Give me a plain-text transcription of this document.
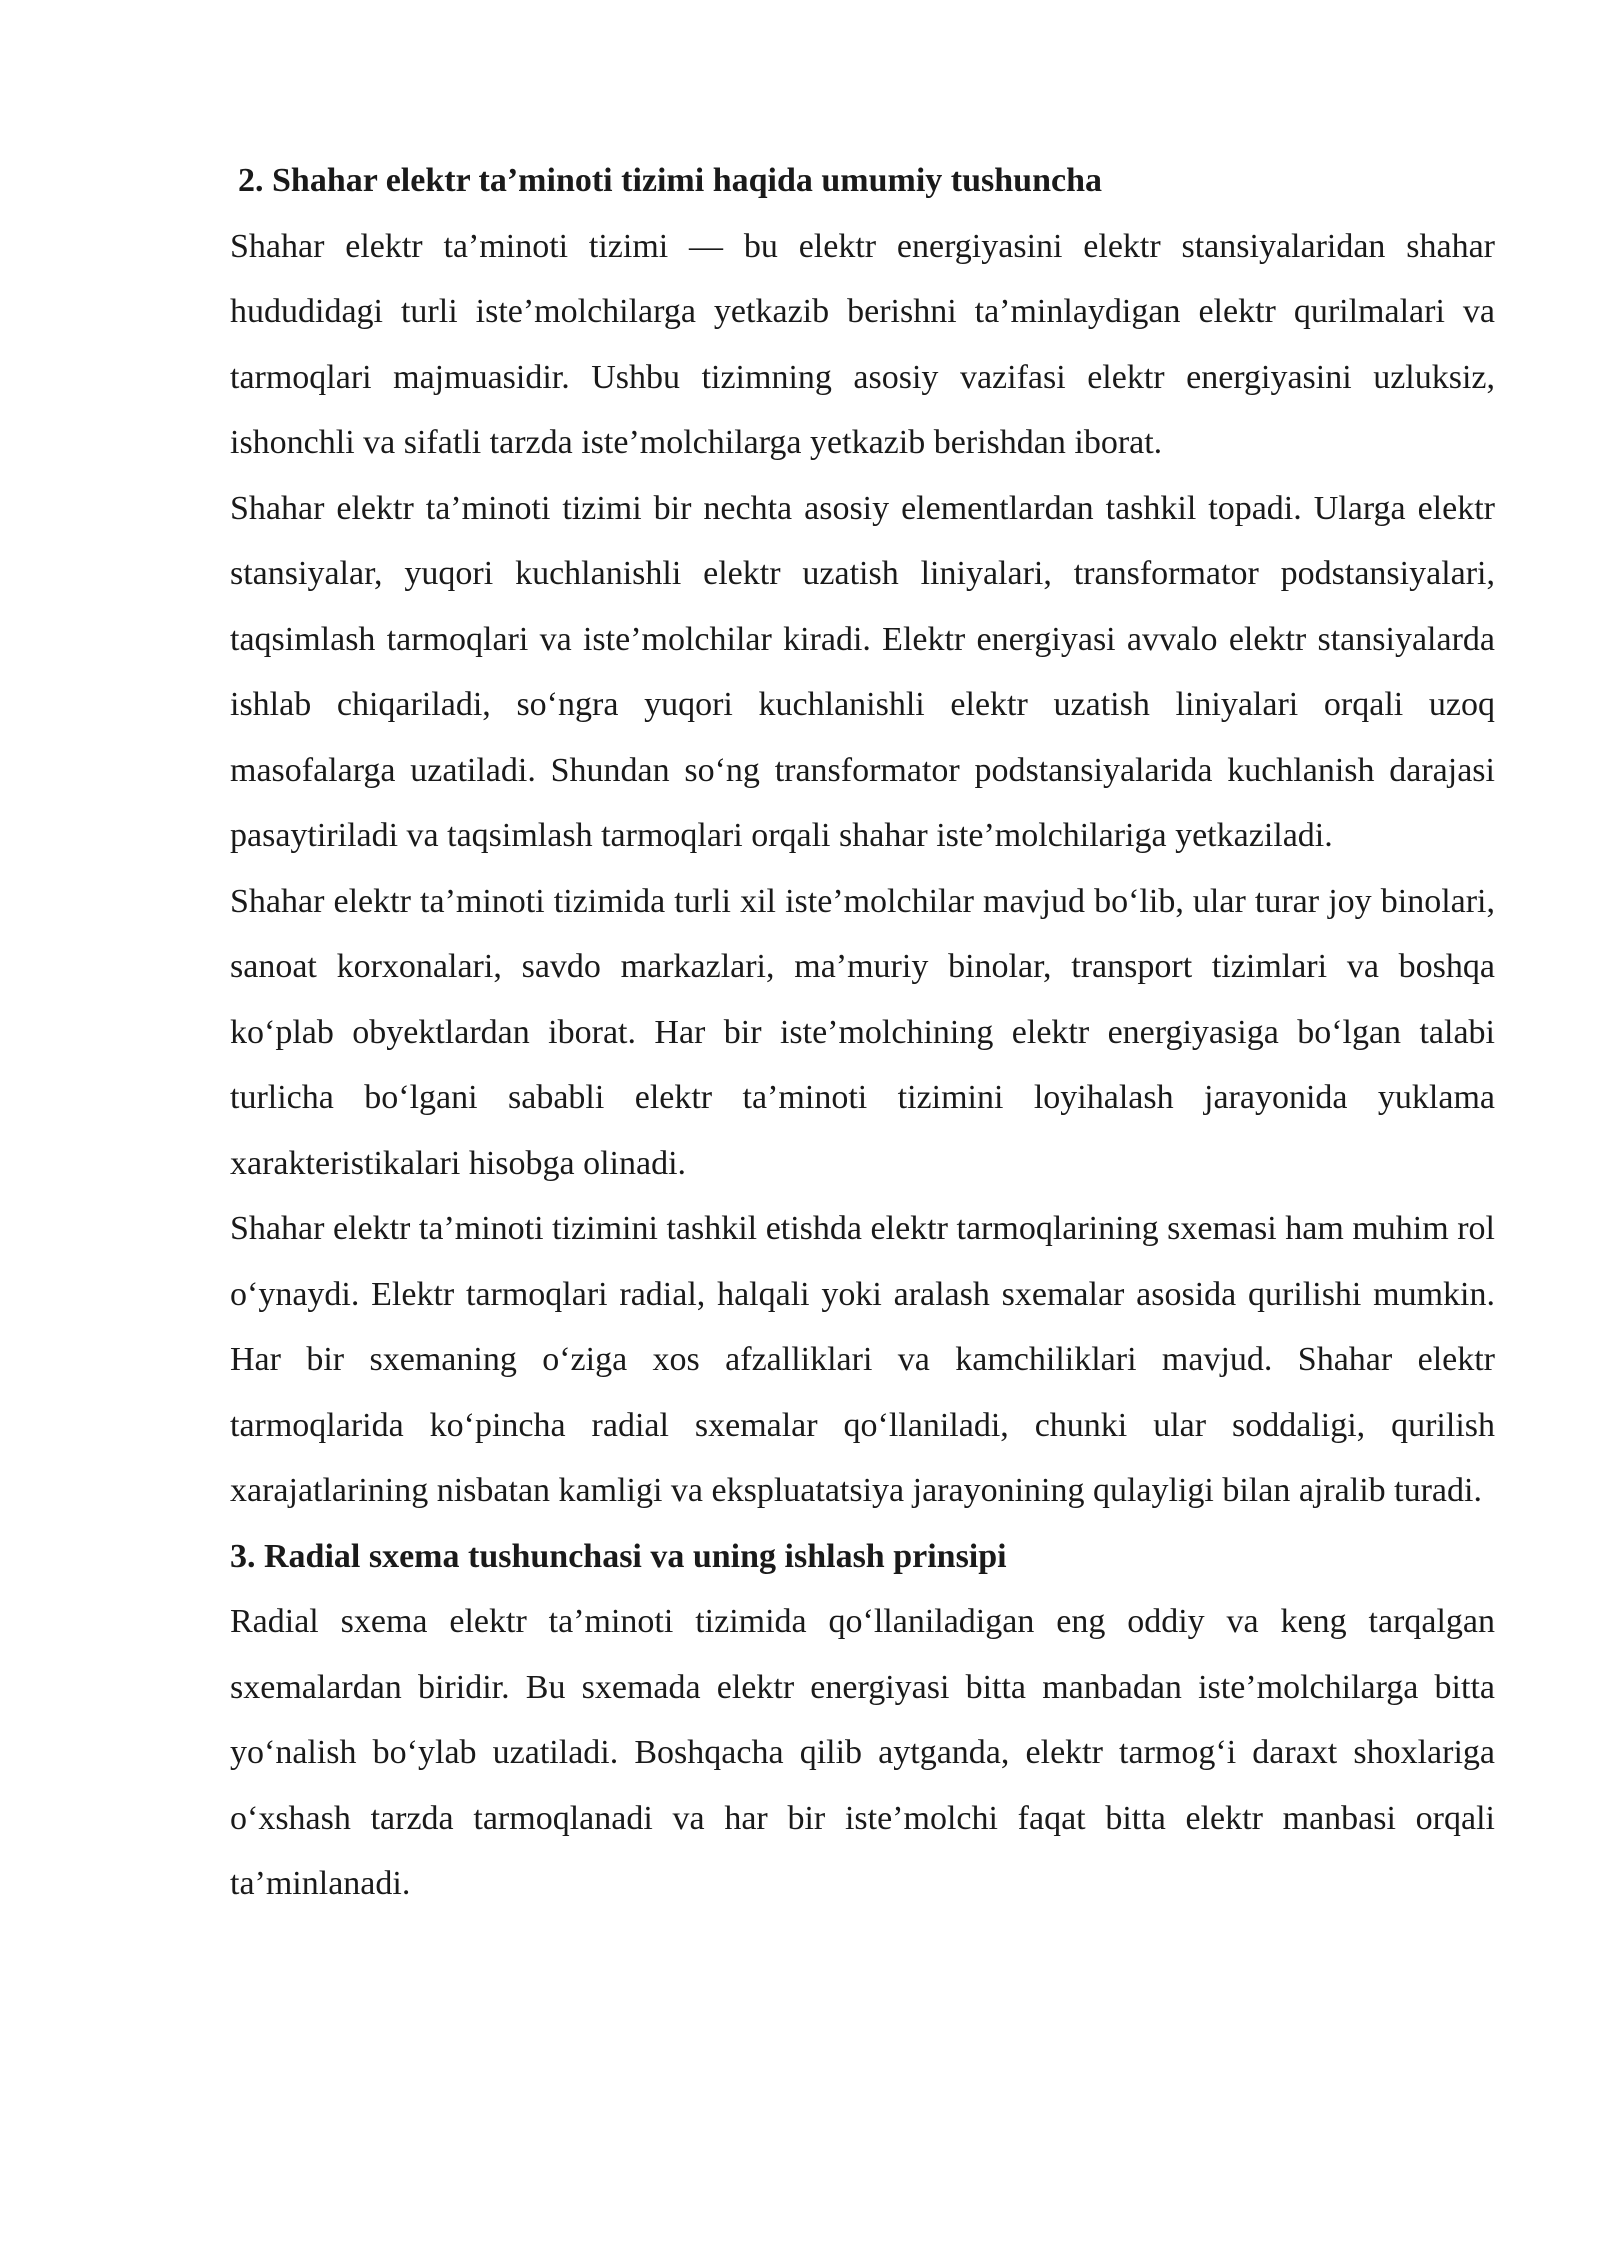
2. Shahar elektr ta’minoti tizimi haqida umumiy tushuncha

Shahar elektr ta’minoti tizimi — bu elektr energiyasini elektr stansiyalaridan shahar hududidagi turli iste’molchilarga yetkazib berishni ta’minlaydigan elektr qurilmalari va tarmoqlari majmuasidir. Ushbu tizimning asosiy vazifasi elektr energiyasini uzluksiz, ishonchli va sifatli tarzda iste’molchilarga yetkazib berishdan iborat.

Shahar elektr ta’minoti tizimi bir nechta asosiy elementlardan tashkil topadi. Ularga elektr stansiyalar, yuqori kuchlanishli elektr uzatish liniyalari, transformator podstansiyalari, taqsimlash tarmoqlari va iste’molchilar kiradi. Elektr energiyasi avvalo elektr stansiyalarda ishlab chiqariladi, so‘ngra yuqori kuchlanishli elektr uzatish liniyalari orqali uzoq masofalarga uzatiladi. Shundan so‘ng transformator podstansiyalarida kuchlanish darajasi pasaytiriladi va taqsimlash tarmoqlari orqali shahar iste’molchilariga yetkaziladi.

Shahar elektr ta’minoti tizimida turli xil iste’molchilar mavjud bo‘lib, ular turar joy binolari, sanoat korxonalari, savdo markazlari, ma’muriy binolar, transport tizimlari va boshqa ko‘plab obyektlardan iborat. Har bir iste’molchining elektr energiyasiga bo‘lgan talabi turlicha bo‘lgani sababli elektr ta’minoti tizimini loyihalash jarayonida yuklama xarakteristikalari hisobga olinadi.

Shahar elektr ta’minoti tizimini tashkil etishda elektr tarmoqlarining sxemasi ham muhim rol o‘ynaydi. Elektr tarmoqlari radial, halqali yoki aralash sxemalar asosida qurilishi mumkin. Har bir sxemaning o‘ziga xos afzalliklari va kamchiliklari mavjud. Shahar elektr tarmoqlarida ko‘pincha radial sxemalar qo‘llaniladi, chunki ular soddaligi, qurilish xarajatlarining nisbatan kamligi va ekspluatatsiya jarayonining qulayligi bilan ajralib turadi.

3. Radial sxema tushunchasi va uning ishlash prinsipi

Radial sxema elektr ta’minoti tizimida qo‘llaniladigan eng oddiy va keng tarqalgan sxemalardan biridir. Bu sxemada elektr energiyasi bitta manbadan iste’molchilarga bitta yo‘nalish bo‘ylab uzatiladi. Boshqacha qilib aytganda, elektr tarmog‘i daraxt shoxlariga o‘xshash tarzda tarmoqlanadi va har bir iste’molchi faqat bitta elektr manbasi orqali ta’minlanadi.
